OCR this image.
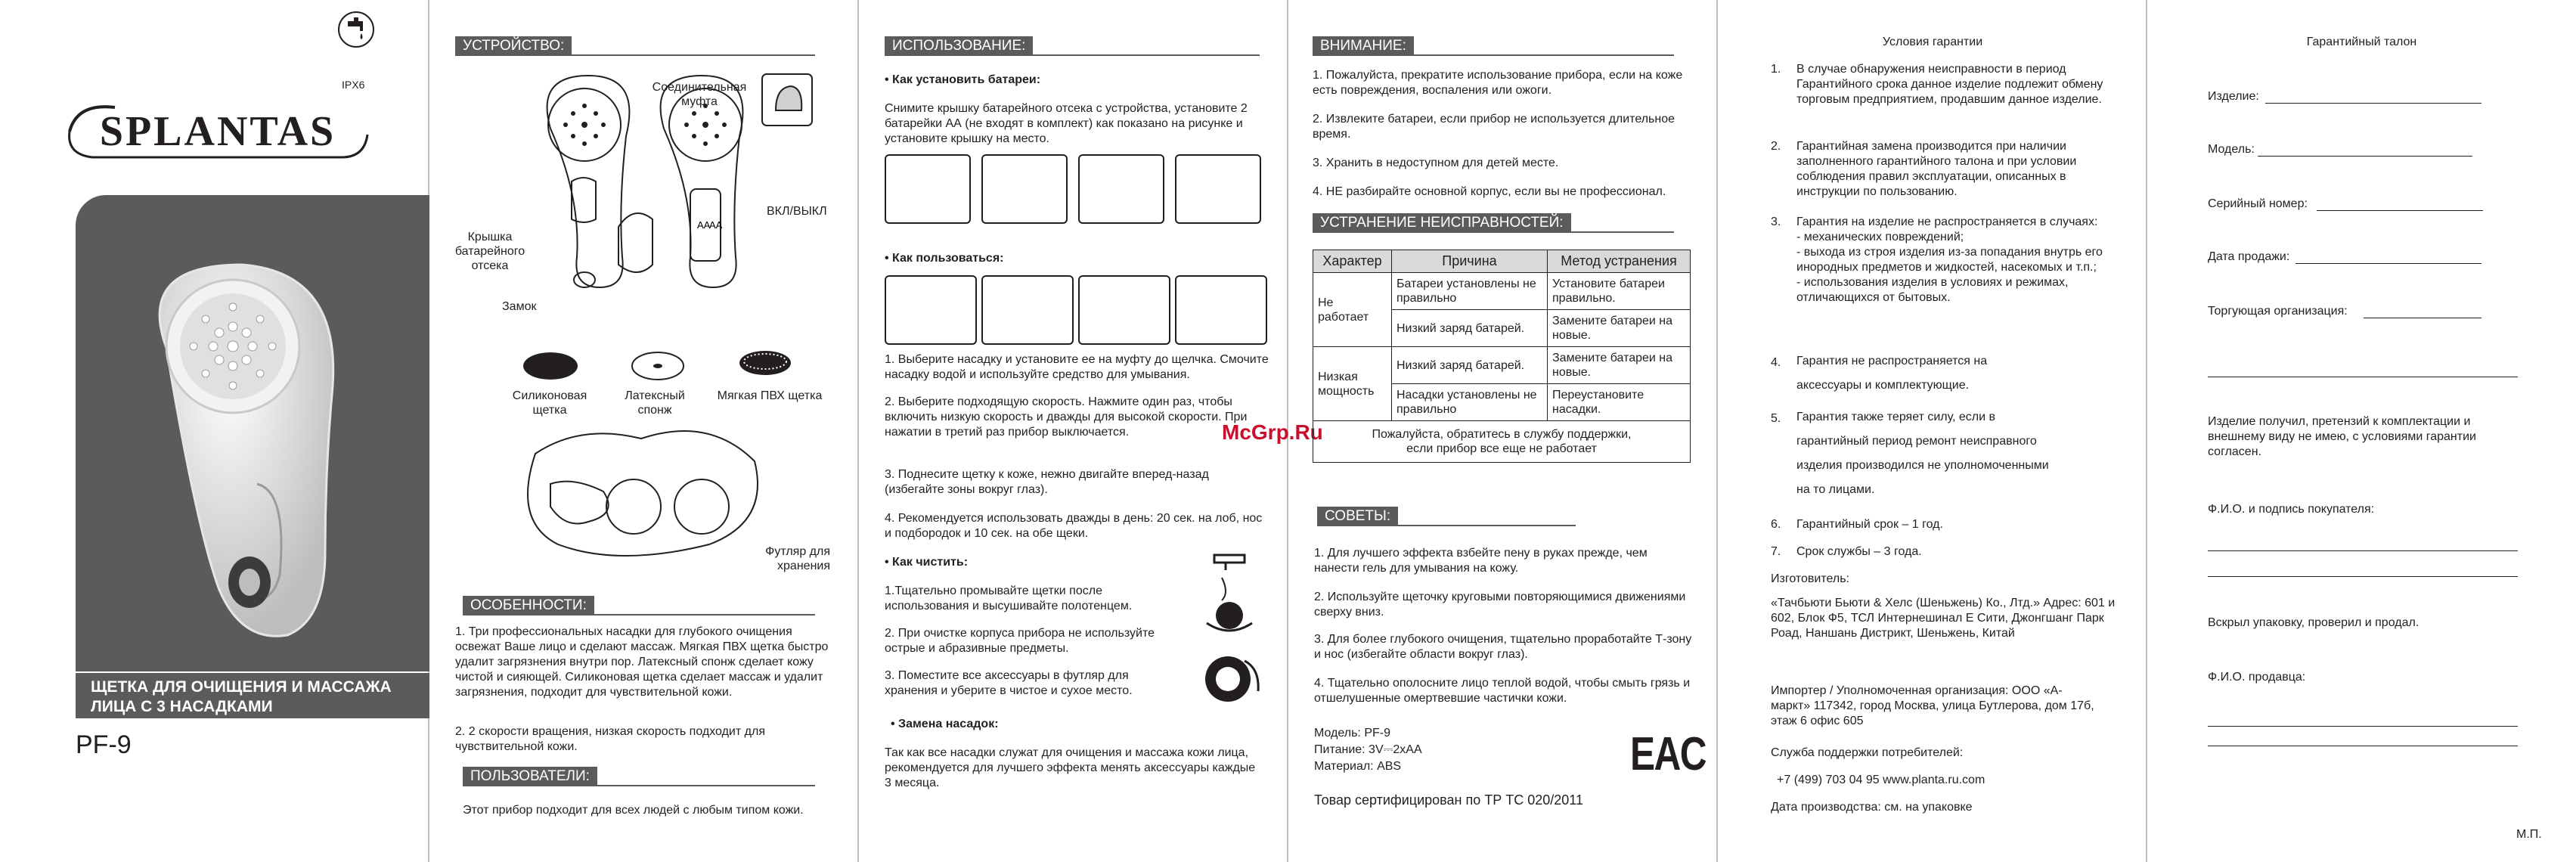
IPX6
SPLANTAS
ЩЕТКА ДЛЯ ОЧИЩЕНИЯ И МАССАЖА ЛИЦА С 3 НАСАДКАМИ
PF-9
УСТРОЙСТВО:
AA
AA
Соединительная муфта
ВКЛ/ВЫКЛ
Крышка батарейного отсека
Замок
Силиконовая щетка
Латексный спонж
Мягкая ПВХ щетка
Футляр для хранения
ОСОБЕННОСТИ:
1. Три профессиональных насадки для глубокого очищения освежат Ваше лицо и сделают массаж. Мягкая ПВХ щетка быстро удалит загрязнения внутри пор. Латексный спонж сделает кожу чистой и сияющей. Силиконовая щетка сделает массаж и удалит загрязнения, подходит для чувствительной кожи.
2. 2 скорости вращения, низкая скорость подходит для чувствительной кожи.
ПОЛЬЗОВАТЕЛИ:
Этот прибор подходит для всех людей с любым типом кожи.
ИСПОЛЬЗОВАНИЕ:
• Как установить батареи:
Снимите крышку батарейного отсека с устройства, установите 2 батарейки АА (не входят в комплект) как показано на рисунке и установите крышку на место.
• Как пользоваться:
1. Выберите насадку и установите ее на муфту до щелчка. Смочите насадку водой и используйте средство для умывания.
2. Выберите подходящую скорость. Нажмите один раз, чтобы включить низкую скорость и дважды для высокой скорости. При нажатии в третий раз прибор выключается.
3. Поднесите щетку к коже, нежно двигайте вперед-назад (избегайте зоны вокруг глаз).
4. Рекомендуется использовать дважды в день: 20 сек. на лоб, нос и подбородок и 10 сек. на обе щеки.
McGrp.Ru
• Как чистить:
1.Тщательно промывайте щетки после использования и высушивайте полотенцем.
2. При очистке корпуса прибора не используйте острые и абразивные предметы.
3. Поместите все аксессуары в футляр для хранения и уберите в чистое и сухое место.
• Замена насадок:
Так как все насадки служат для очищения и массажа кожи лица, рекомендуется для лучшего эффекта менять аксессуары каждые 3 месяца.
ВНИМАНИЕ:
1. Пожалуйста, прекратите использование прибора, если на коже есть повреждения, воспаления или ожоги.
2. Извлеките батареи, если прибор не используется длительное время.
3. Хранить в недоступном для детей месте.
4. НЕ разбирайте основной корпус, если вы не профессионал.
УСТРАНЕНИЕ НЕИСПРАВНОСТЕЙ:
Характер	Причина	Метод устранения
Не работает	Батареи установлены не правильно	Установите батареи правильно.
	Низкий заряд батарей.	Замените батареи на новые.
Низкая мощность	Низкий заряд батарей.	Замените батареи на новые.
	Насадки установлены не правильно	Переустановите насадки.
Пожалуйста, обратитесь в службу поддержки, если прибор все еще не работает		
СОВЕТЫ:
1. Для лучшего эффекта взбейте пену в руках прежде, чем нанести гель для умывания на кожу.
2. Используйте щеточку круговыми повторяющимися движениями сверху вниз.
3. Для более глубокого очищения, тщательно проработайте Т-зону и нос (избегайте области вокруг глаз).
4. Тщательно ополосните лицо теплой водой, чтобы смыть грязь и отшелушенные омертвевшие частички кожи.
Модель: PF-9
Питание: 3V⎓2xAA
Материал: ABS	EAC
Товар сертифицирован по ТР ТС 020/2011
Условия гарантии
1. В случае обнаружения неисправности в период Гарантийного срока данное изделие подлежит обмену торговым предприятием, продавшим данное изделие.
2. Гарантийная замена производится при наличии заполненного гарантийного талона и при условии соблюдения правил эксплуатации, описанных в инструкции по пользованию.
3. Гарантия на изделие не распространяется в случаях:
- механических повреждений;
- выхода из строя изделия из-за попадания внутрь его инородных предметов и жидкостей, насекомых и т.п.;
- использования изделия в условиях и режимах, отличающихся от бытовых.
4. Гарантия не распространяется на

аксессуары и комплектующие.
5. Гарантия также теряет силу, если в

гарантийный период ремонт неисправного

изделия производился не уполномоченными

на то лицами.
6. Гарантийный срок – 1 год.
7. Срок службы – 3 года.
Изготовитель:
«Тачбьюти Бьюти & Хелс (Шеньжень) Ко., Лтд.» Адрес: 601 и 602, Блок Ф5, ТСЛ Интернешинал Е Сити, Джонгшанг Парк Роад, Наншань Дистрикт, Шеньжень, Китай
Импортер / Уполномоченная организация: ООО «А-маркт» 117342, город Москва, улица Бутлерова, дом 17б, этаж 6 офис 605
Служба поддержки потребителей:
+7 (499) 703 04 95 www.planta.ru.com
Дата производства: см. на упаковке
Гарантийный талон
Изделие:
Модель:
Серийный номер:
Дата продажи:
Торгующая организация:
Изделие получил, претензий к комплектации и внешнему виду не имею, с условиями гарантии согласен.
Ф.И.О. и подпись покупателя:
Вскрыл упаковку, проверил и продал.
Ф.И.О. продавца:
М.П.
